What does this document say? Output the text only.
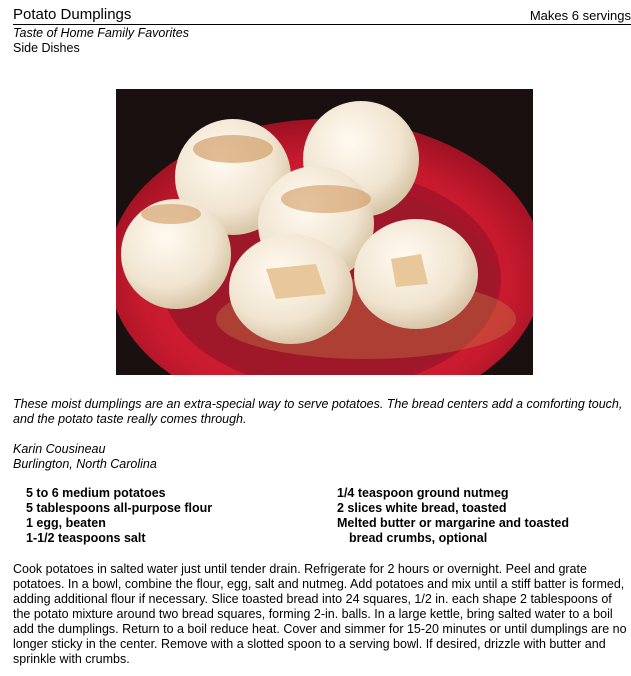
Potato Dumplings	Makes 6 servings
Taste of Home Family Favorites
Side Dishes
These moist dumplings are an extra-special way to serve potatoes. The bread centers add a comforting touch, and the potato taste really comes through.
Karin Cousineau
Burlington, North Carolina
5 to 6 medium potatoes
5 tablespoons all-purpose flour
1 egg, beaten
1-1/2 teaspoons salt
1/4 teaspoon ground nutmeg
2 slices white bread, toasted
Melted butter or margarine and toasted
bread crumbs, optional
Cook potatoes in salted water just until tender drain. Refrigerate for 2 hours or overnight. Peel and grate potatoes. In a bowl, combine the flour, egg, salt and nutmeg. Add potatoes and mix until a stiff batter is formed, adding additional flour if necessary. Slice toasted bread into 24 squares, 1/2 in. each shape 2 tablespoons of the potato mixture around two bread squares, forming 2-in. balls. In a large kettle, bring salted water to a boil add the dumplings. Return to a boil reduce heat. Cover and simmer for 15-20 minutes or until dumplings are no longer sticky in the center. Remove with a slotted spoon to a serving bowl. If desired, drizzle with butter and sprinkle with crumbs.
